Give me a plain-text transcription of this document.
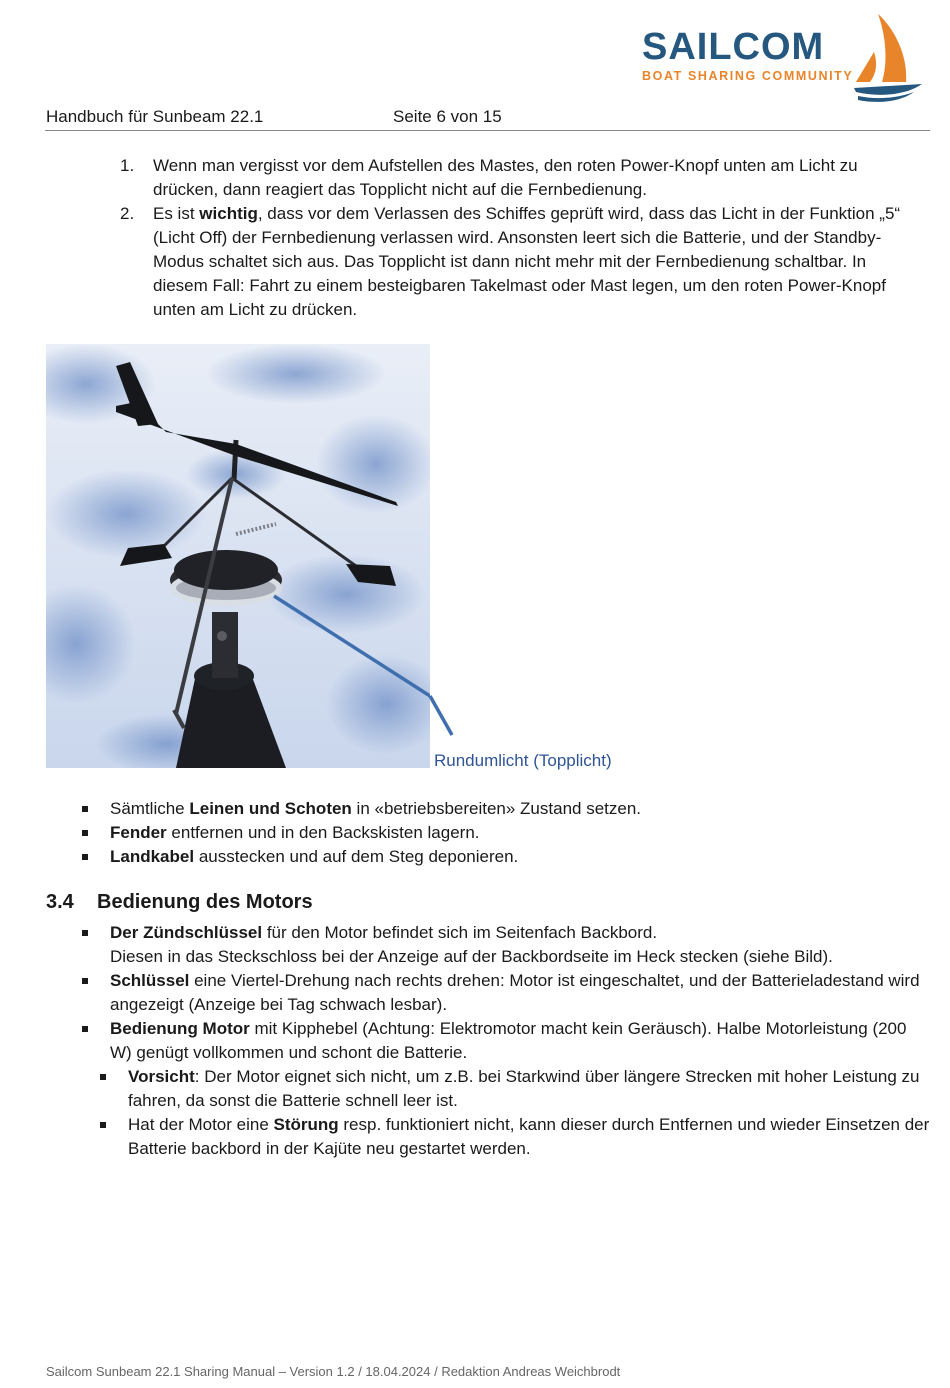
SAILCOM
BOAT SHARING COMMUNITY
Handbuch für Sunbeam 22.1	Seite 6 von 15
1. Wenn man vergisst vor dem Aufstellen des Mastes, den roten Power-Knopf unten am Licht zu drücken, dann reagiert das Topplicht nicht auf die Fernbedienung.
2. Es ist wichtig, dass vor dem Verlassen des Schiffes geprüft wird, dass das Licht in der Funktion „5“ (Licht Off) der Fernbedienung verlassen wird. Ansonsten leert sich die Batterie, und der Standby-Modus schaltet sich aus. Das Topplicht ist dann nicht mehr mit der Fernbedienung schaltbar. In diesem Fall: Fahrt zu einem besteigbaren Takelmast oder Mast legen, um den roten Power-Knopf unten am Licht zu drücken.
Rundumlicht (Topplicht)
Sämtliche Leinen und Schoten in «betriebsbereiten» Zustand setzen.
Fender entfernen und in den Backskisten lagern.
Landkabel ausstecken und auf dem Steg deponieren.
3.4 Bedienung des Motors
Der Zündschlüssel für den Motor befindet sich im Seitenfach Backbord.
Diesen in das Steckschloss bei der Anzeige auf der Backbordseite im Heck stecken (siehe Bild).
Schlüssel eine Viertel-Drehung nach rechts drehen: Motor ist eingeschaltet, und der Batterieladestand wird angezeigt (Anzeige bei Tag schwach lesbar).
Bedienung Motor mit Kipphebel (Achtung: Elektromotor macht kein Geräusch). Halbe Motorleistung (200 W) genügt vollkommen und schont die Batterie.
Vorsicht: Der Motor eignet sich nicht, um z.B. bei Starkwind über längere Strecken mit hoher Leistung zu fahren, da sonst die Batterie schnell leer ist.
Hat der Motor eine Störung resp. funktioniert nicht, kann dieser durch Entfernen und wieder Einsetzen der Batterie backbord in der Kajüte neu gestartet werden.
Sailcom Sunbeam 22.1 Sharing Manual – Version 1.2 / 18.04.2024 / Redaktion Andreas Weichbrodt
